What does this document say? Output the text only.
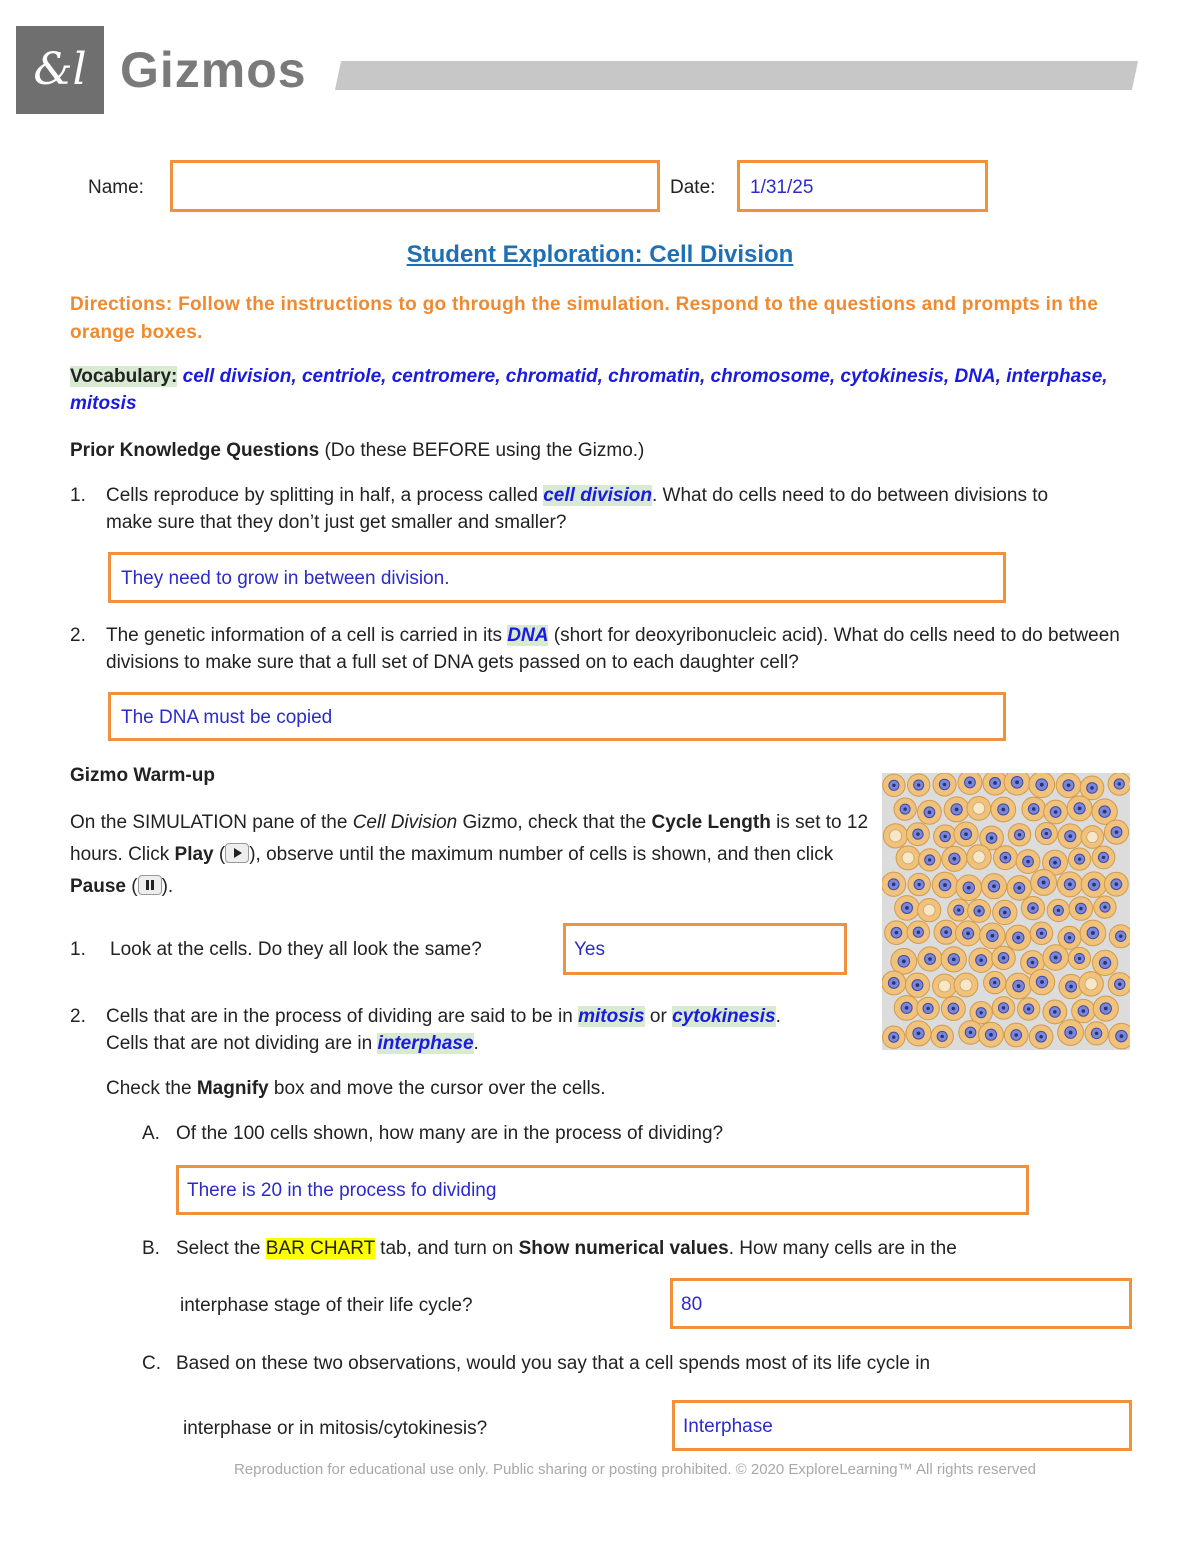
&l Gizmos
Name:	Date: 1/31/25
Student Exploration: Cell Division
Directions: Follow the instructions to go through the simulation. Respond to the questions and prompts in the orange boxes.
Vocabulary: cell division, centriole, centromere, chromatid, chromatin, chromosome, cytokinesis, DNA, interphase, mitosis
Prior Knowledge Questions (Do these BEFORE using the Gizmo.)
1. Cells reproduce by splitting in half, a process called cell division. What do cells need to do between divisions to make sure that they don’t just get smaller and smaller?
They need to grow in between division.
2. The genetic information of a cell is carried in its DNA (short for deoxyribonucleic acid). What do cells need to do between divisions to make sure that a full set of DNA gets passed on to each daughter cell?
The DNA must be copied
Gizmo Warm-up
On the SIMULATION pane of the Cell Division Gizmo, check that the Cycle Length is set to 12 hours. Click Play ( ), observe until the maximum number of cells is shown, and then click Pause ( ).
1. Look at the cells. Do they all look the same?	Yes
2. Cells that are in the process of dividing are said to be in mitosis or cytokinesis. Cells that are not dividing are in interphase.
Check the Magnify box and move the cursor over the cells.
A. Of the 100 cells shown, how many are in the process of dividing?
There is 20 in the process fo dividing
B. Select the BAR CHART tab, and turn on Show numerical values. How many cells are in the
interphase stage of their life cycle?	80
C. Based on these two observations, would you say that a cell spends most of its life cycle in
interphase or in mitosis/cytokinesis?	Interphase
Reproduction for educational use only. Public sharing or posting prohibited. © 2020 ExploreLearning™ All rights reserved
